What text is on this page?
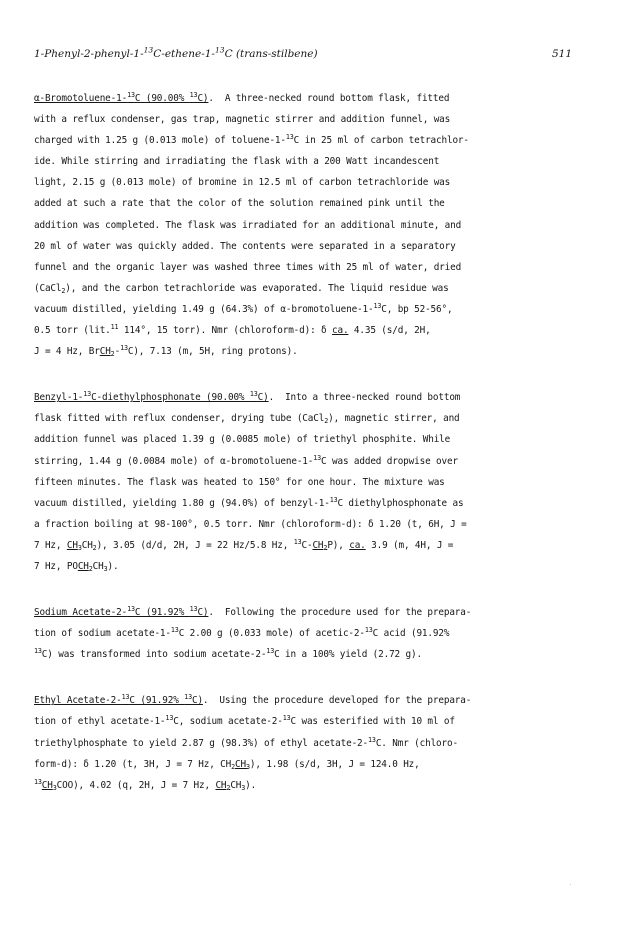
1-Phenyl-2-phenyl-1-$^{13}$C-ethene-1-$^{13}$C (trans-stilbene)	511
α-Bromotoluene-1-$^{13}$C (90.00% $^{13}$C).  A three-necked round bottom flask, fitted
with a reflux condenser, gas trap, magnetic stirrer and addition funnel, was
charged with 1.25 g (0.013 mole) of toluene-1-$^{13}$C in 25 ml of carbon tetrachlor-
ide. While stirring and irradiating the flask with a 200 Watt incandescent
light, 2.15 g (0.013 mole) of bromine in 12.5 ml of carbon tetrachloride was
added at such a rate that the color of the solution remained pink until the
addition was completed. The flask was irradiated for an additional minute, and
20 ml of water was quickly added. The contents were separated in a separatory
funnel and the organic layer was washed three times with 25 ml of water, dried
(CaCl$_2$), and the carbon tetrachloride was evaporated. The liquid residue was
vacuum distilled, yielding 1.49 g (64.3%) of α-bromotoluene-1-$^{13}$C, bp 52-56°,
0.5 torr (lit.$^{11}$ 114°, 15 torr). Nmr (chloroform-d): δ ca. 4.35 (s/d, 2H,
J = 4 Hz, BrCH$_2$-$^{13}$C), 7.13 (m, 5H, ring protons).
Benzyl-1-$^{13}$C-diethylphosphonate (90.00% $^{13}$C).  Into a three-necked round bottom
flask fitted with reflux condenser, drying tube (CaCl$_2$), magnetic stirrer, and
addition funnel was placed 1.39 g (0.0085 mole) of triethyl phosphite. While
stirring, 1.44 g (0.0084 mole) of α-bromotoluene-1-$^{13}$C was added dropwise over
fifteen minutes. The flask was heated to 150° for one hour. The mixture was
vacuum distilled, yielding 1.80 g (94.0%) of benzyl-1-$^{13}$C diethylphosphonate as
a fraction boiling at 98-100°, 0.5 torr. Nmr (chloroform-d): δ 1.20 (t, 6H, J =
7 Hz, $CH_3CH_2$), 3.05 (d/d, 2H, J = 22 Hz/5.8 Hz, $^{13}C-CH_2P$), ca. 3.9 (m, 4H, J =
7 Hz, $POCH_2CH_3$).
Sodium Acetate-2-$^{13}$C (91.92% $^{13}$C).  Following the procedure used for the prepara-
tion of sodium acetate-1-$^{13}$C 2.00 g (0.033 mole) of acetic-2-$^{13}$C acid (91.92%
$^{13}$C) was transformed into sodium acetate-2-$^{13}$C in a 100% yield (2.72 g).
Ethyl Acetate-2-$^{13}$C (91.92% $^{13}$C).  Using the procedure developed for the prepara-
tion of ethyl acetate-1-$^{13}$C, sodium acetate-2-$^{13}$C was esterified with 10 ml of
triethylphosphate to yield 2.87 g (98.3%) of ethyl acetate-2-$^{13}$C. Nmr (chloro-
form-d): δ 1.20 (t, 3H, J = 7 Hz, $CH_2CH_3$), 1.98 (s/d, 3H, J = 124.0 Hz,
$^{13}CH_3COO$), 4.02 (q, 2H, J = 7 Hz, $CH_2CH_3$).
